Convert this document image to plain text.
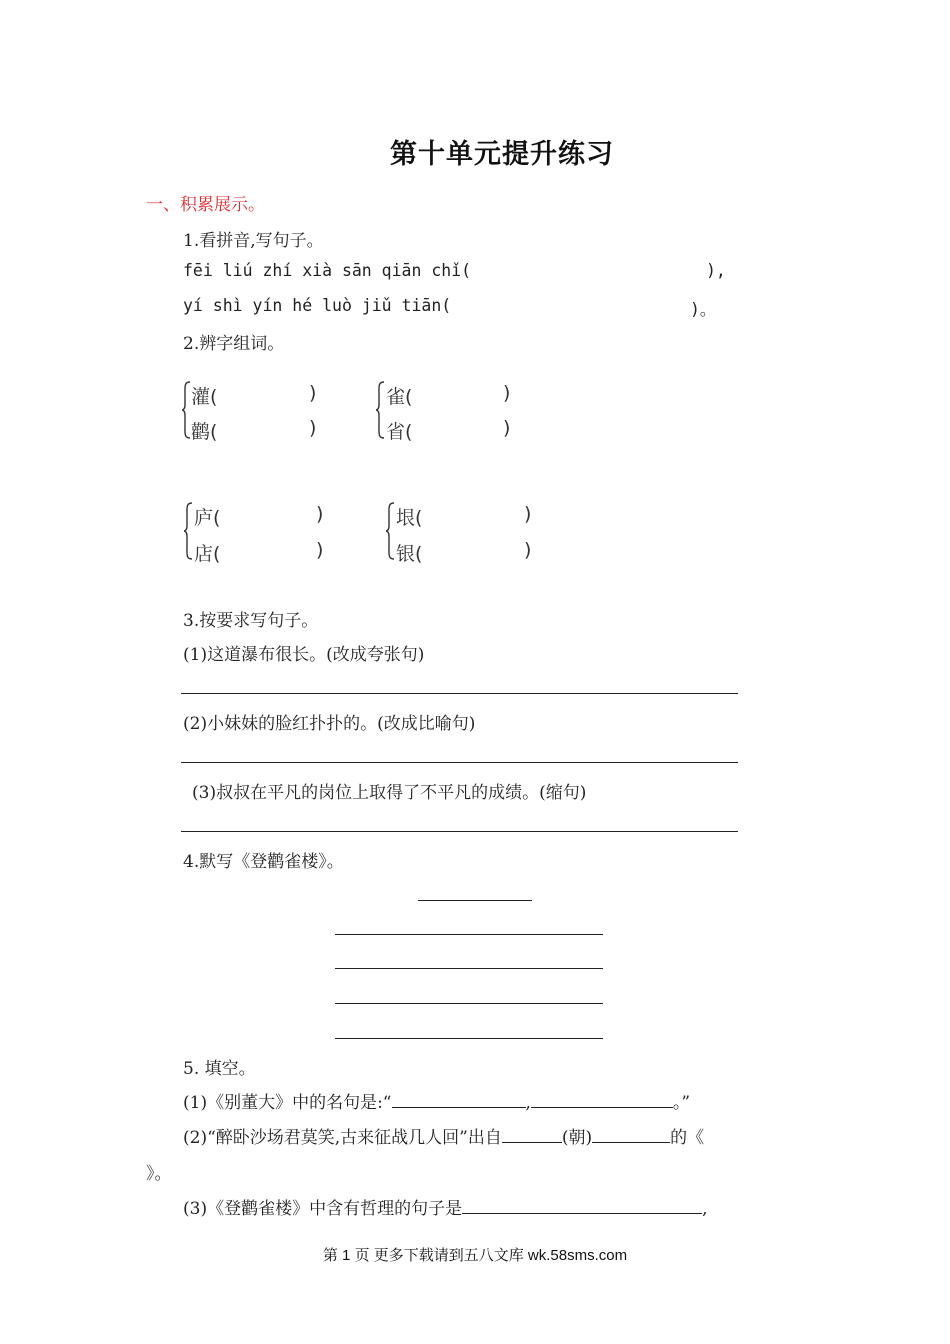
第十单元提升练习
一、积累展示。
1.看拼音,写句子。
fēi liú zhí xià sān qiān chǐ(	),
yí shì yín hé luò jiǔ tiān(	)。
2.辨字组词。
灌(	)
鹳(	)
雀(	)
省(	)
庐(	)
店(	)
垠(	)
银(	)
3.按要求写句子。
(1)这道瀑布很长。(改成夸张句)
(2)小妹妹的脸红扑扑的。(改成比喻句)
(3)叔叔在平凡的岗位上取得了不平凡的成绩。(缩句)
4.默写《登鹳雀楼》。
5. 填空。
(1)《别董大》中的名句是:“	,	。”
(2)“醉卧沙场君莫笑,古来征战几人回”出自	(朝)	的《
》。
(3)《登鹳雀楼》中含有哲理的句子是	,
第 1 页 更多下载请到五八文库 wk.58sms.com
